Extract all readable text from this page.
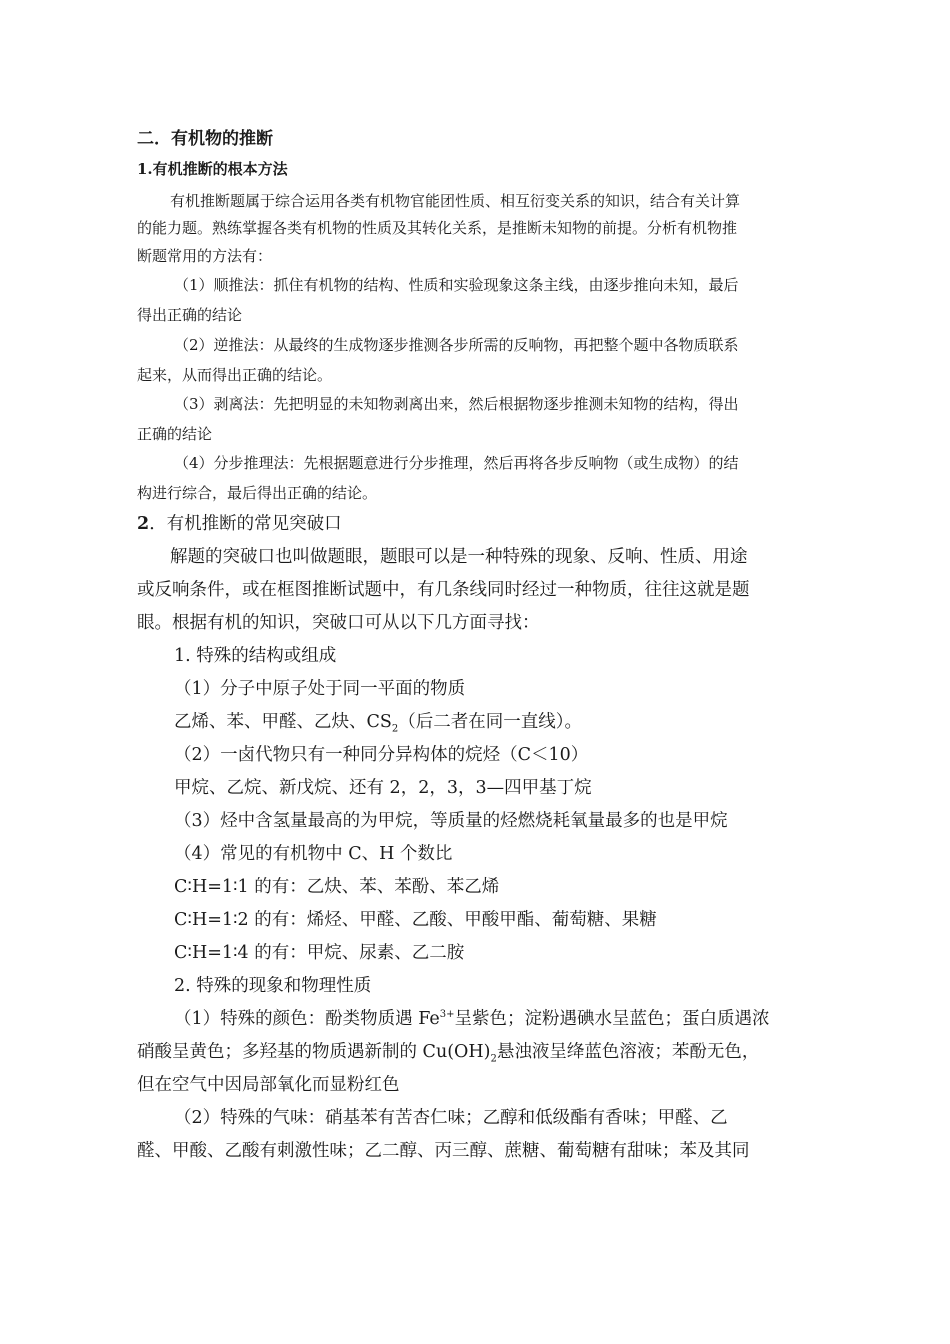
二．有机物的推断
1.有机推断的根本方法
有机推断题属于综合运用各类有机物官能团性质、相互衍变关系的知识，结合有关计算
的能力题。熟练掌握各类有机物的性质及其转化关系，是推断未知物的前提。分析有机物推
断题常用的方法有：
（1）顺推法：抓住有机物的结构、性质和实验现象这条主线，由逐步推向未知，最后
得出正确的结论
（2）逆推法：从最终的生成物逐步推测各步所需的反响物，再把整个题中各物质联系
起来，从而得出正确的结论。
（3）剥离法：先把明显的未知物剥离出来，然后根据物逐步推测未知物的结构，得出
正确的结论
（4）分步推理法：先根据题意进行分步推理，然后再将各步反响物（或生成物）的结
构进行综合，最后得出正确的结论。
2．有机推断的常见突破口
解题的突破口也叫做题眼，题眼可以是一种特殊的现象、反响、性质、用途
或反响条件，或在框图推断试题中，有几条线同时经过一种物质，往往这就是题
眼。根据有机的知识，突破口可从以下几方面寻找：
1. 特殊的结构或组成
（1）分子中原子处于同一平面的物质
乙烯、苯、甲醛、乙炔、$CS_2$（后二者在同一直线）。
（2）一卤代物只有一种同分异构体的烷烃（C＜10）
甲烷、乙烷、新戊烷、还有 2，2，3，3—四甲基丁烷
（3）烃中含氢量最高的为甲烷，等质量的烃燃烧耗氧量最多的也是甲烷
（4）常见的有机物中 C、H 个数比
C∶H=1∶1 的有：乙炔、苯、苯酚、苯乙烯
C∶H=1∶2 的有：烯烃、甲醛、乙酸、甲酸甲酯、葡萄糖、果糖
C∶H=1∶4 的有：甲烷、尿素、乙二胺
2. 特殊的现象和物理性质
（1）特殊的颜色：酚类物质遇 $Fe^{3+}$呈紫色；淀粉遇碘水呈蓝色；蛋白质遇浓
硝酸呈黄色；多羟基的物质遇新制的 $Cu(OH)_2$悬浊液呈绛蓝色溶液；苯酚无色，
但在空气中因局部氧化而显粉红色
（2）特殊的气味：硝基苯有苦杏仁味；乙醇和低级酯有香味；甲醛、乙
醛、甲酸、乙酸有刺激性味；乙二醇、丙三醇、蔗糖、葡萄糖有甜味；苯及其同
